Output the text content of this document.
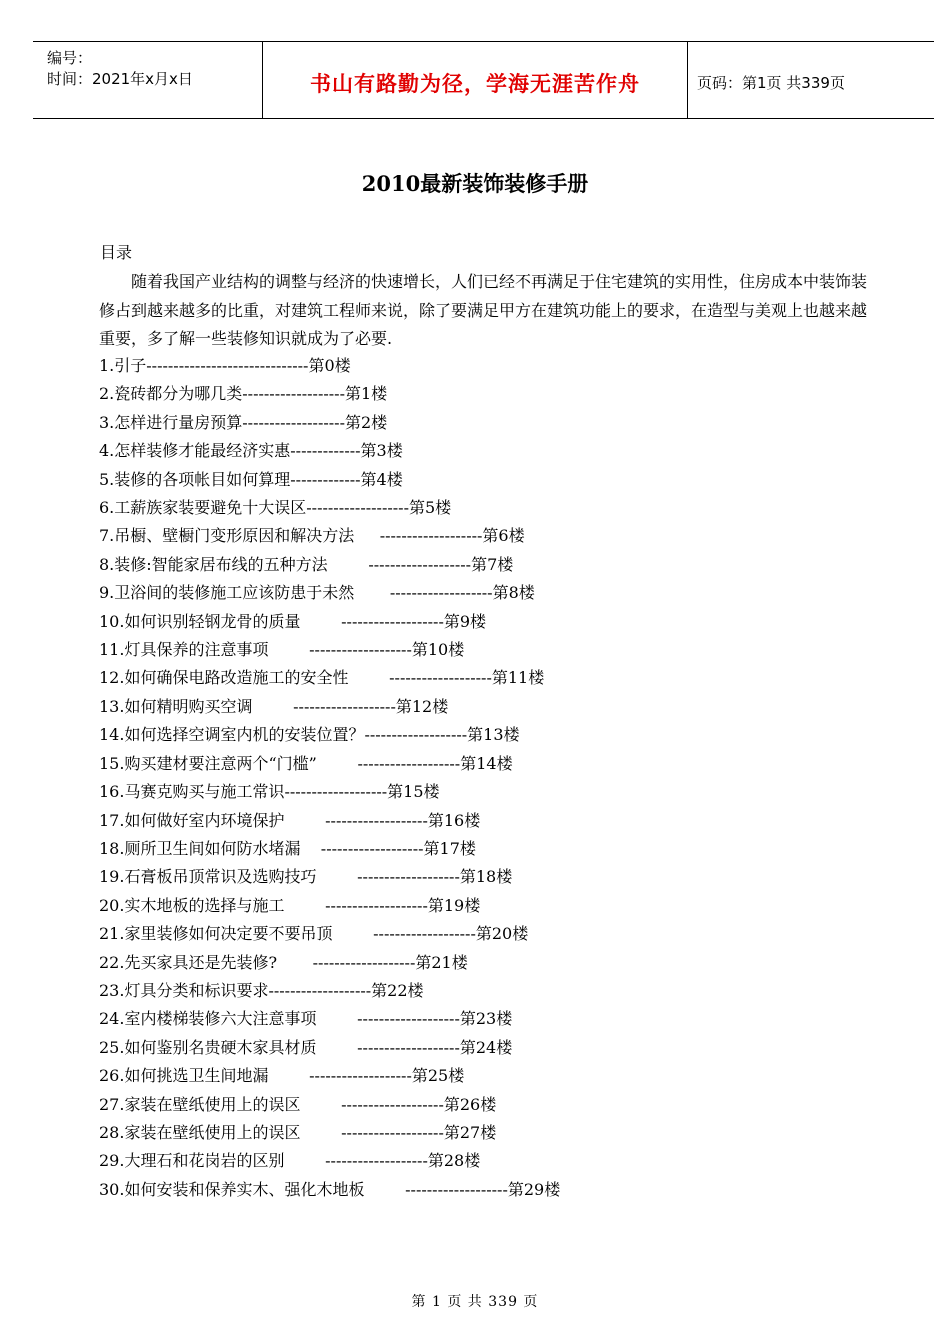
编号：
时间：2021年x月x日	书山有路勤为径，学海无涯苦作舟	页码：第1页 共339页
2010最新装饰装修手册
目录
随着我国产业结构的调整与经济的快速增长，人们已经不再满足于住宅建筑的实用性，住房成本中装饰装修占到越来越多的比重，对建筑工程师来说，除了要满足甲方在建筑功能上的要求，在造型与美观上也越来越重要，多了解一些装修知识就成为了必要.
1.引子------------------------------第0楼
2.瓷砖都分为哪几类-------------------第1楼
3.怎样进行量房预算-------------------第2楼
4.怎样装修才能最经济实惠-------------第3楼
5.装修的各项帐目如何算理-------------第4楼
6.工薪族家装要避免十大误区-------------------第5楼
7.吊橱、壁橱门变形原因和解决方法     -------------------第6楼
8.装修:智能家居布线的五种方法        -------------------第7楼
9.卫浴间的装修施工应该防患于未然       -------------------第8楼
10.如何识别轻钢龙骨的质量        -------------------第9楼
11.灯具保养的注意事项        -------------------第10楼
12.如何确保电路改造施工的安全性        -------------------第11楼
13.如何精明购买空调        -------------------第12楼
14.如何选择空调室内机的安装位置？-------------------第13楼
15.购买建材要注意两个“门槛”        -------------------第14楼
16.马赛克购买与施工常识-------------------第15楼
17.如何做好室内环境保护        -------------------第16楼
18.厕所卫生间如何防水堵漏    -------------------第17楼
19.石膏板吊顶常识及选购技巧        -------------------第18楼
20.实木地板的选择与施工        -------------------第19楼
21.家里装修如何决定要不要吊顶        -------------------第20楼
22.先买家具还是先装修?       -------------------第21楼
23.灯具分类和标识要求-------------------第22楼
24.室内楼梯装修六大注意事项        -------------------第23楼
25.如何鉴别名贵硬木家具材质        -------------------第24楼
26.如何挑选卫生间地漏        -------------------第25楼
27.家装在壁纸使用上的误区        -------------------第26楼
28.家装在壁纸使用上的误区        -------------------第27楼
29.大理石和花岗岩的区别        -------------------第28楼
30.如何安装和保养实木、强化木地板        -------------------第29楼
第 1 页 共 339 页
